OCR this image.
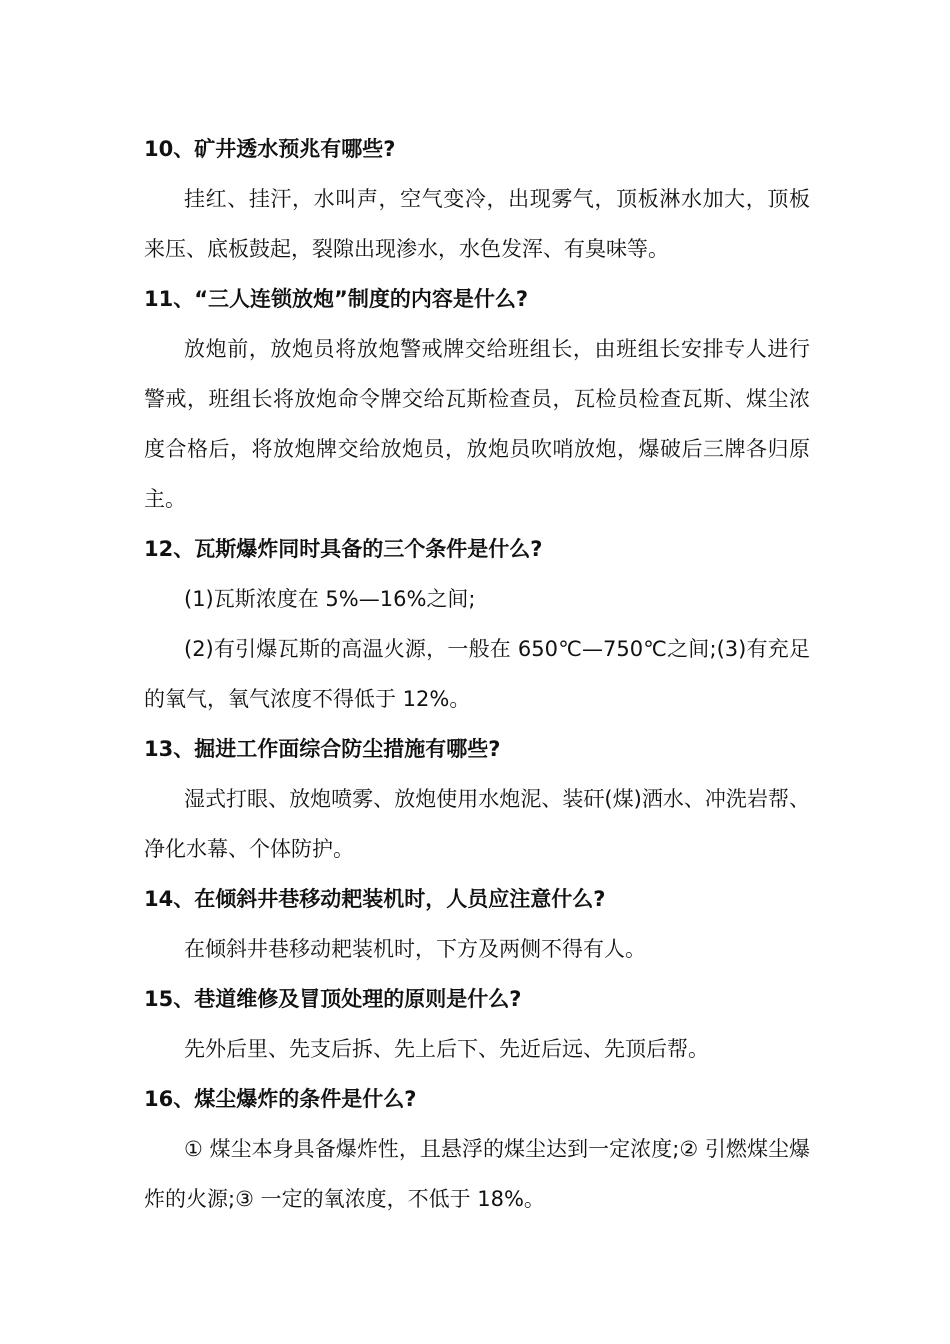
10、矿井透水预兆有哪些?

挂红、挂汗，水叫声，空气变冷，出现雾气，顶板淋水加大，顶板来压、底板鼓起，裂隙出现渗水，水色发浑、有臭味等。

11、“三人连锁放炮”制度的内容是什么?

放炮前，放炮员将放炮警戒牌交给班组长，由班组长安排专人进行警戒，班组长将放炮命令牌交给瓦斯检查员，瓦检员检查瓦斯、煤尘浓度合格后，将放炮牌交给放炮员，放炮员吹哨放炮，爆破后三牌各归原主。

12、瓦斯爆炸同时具备的三个条件是什么?

(1)瓦斯浓度在 5%—16%之间;

(2)有引爆瓦斯的高温火源，一般在 650℃—750℃之间;(3)有充足的氧气，氧气浓度不得低于 12%。

13、掘进工作面综合防尘措施有哪些?

湿式打眼、放炮喷雾、放炮使用水炮泥、装矸(煤)洒水、冲洗岩帮、净化水幕、个体防护。

14、在倾斜井巷移动耙装机时，人员应注意什么?

在倾斜井巷移动耙装机时，下方及两侧不得有人。

15、巷道维修及冒顶处理的原则是什么?

先外后里、先支后拆、先上后下、先近后远、先顶后帮。

16、煤尘爆炸的条件是什么?

① 煤尘本身具备爆炸性，且悬浮的煤尘达到一定浓度;② 引燃煤尘爆炸的火源;③ 一定的氧浓度，不低于 18%。
